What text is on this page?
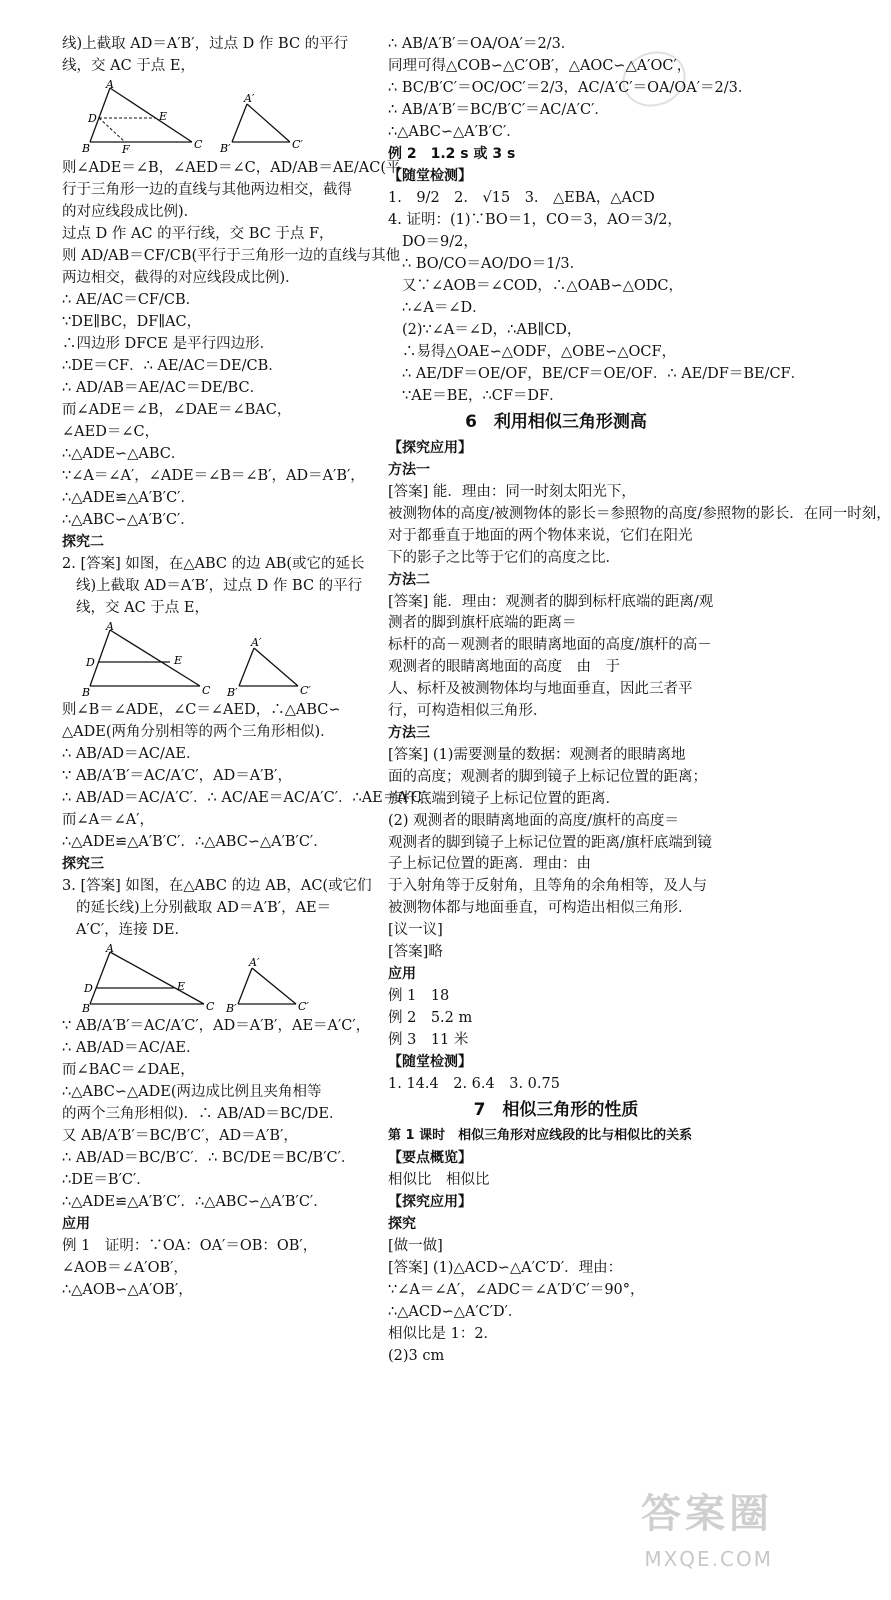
线)上截取 AD＝A′B′，过点 D 作 BC 的平行

线，交 AC 于点 E，

A
D	E
B	F	C
A′
B′	C′

则∠ADE＝∠B，∠AED＝∠C，AD/AB＝AE/AC(平

行于三角形一边的直线与其他两边相交，截得

的对应线段成比例)．

过点 D 作 AC 的平行线，交 BC 于点 F，

则 AD/AB＝CF/CB(平行于三角形一边的直线与其他

两边相交，截得的对应线段成比例)．

∴ AE/AC＝CF/CB．

∵DE∥BC，DF∥AC，

∴四边形 DFCE 是平行四边形．

∴DE＝CF．∴ AE/AC＝DE/CB．

∴ AD/AB＝AE/AC＝DE/BC．

而∠ADE＝∠B，∠DAE＝∠BAC，

∠AED＝∠C，

∴△ADE∽△ABC．

∵∠A＝∠A′，∠ADE＝∠B＝∠B′，AD＝A′B′，

∴△ADE≌△A′B′C′．

∴△ABC∽△A′B′C′．

探究二

2. [答案] 如图，在△ABC 的边 AB(或它的延长

线)上截取 AD＝A′B′，过点 D 作 BC 的平行

线，交 AC 于点 E，

A
D	E
B	C
A′
B′	C′

则∠B＝∠ADE，∠C＝∠AED，∴△ABC∽

△ADE(两角分别相等的两个三角形相似)．

∴ AB/AD＝AC/AE．

∵ AB/A′B′＝AC/A′C′，AD＝A′B′，

∴ AB/AD＝AC/A′C′．∴ AC/AE＝AC/A′C′．∴AE＝A′C′．

而∠A＝∠A′，

∴△ADE≌△A′B′C′．∴△ABC∽△A′B′C′．

探究三

3. [答案] 如图，在△ABC 的边 AB，AC(或它们

的延长线)上分别截取 AD＝A′B′，AE＝

A′C′，连接 DE．

A
D	E
B	C
A′
B′	C′

∵ AB/A′B′＝AC/A′C′，AD＝A′B′，AE＝A′C′，

∴ AB/AD＝AC/AE．

而∠BAC＝∠DAE，

∴△ABC∽△ADE(两边成比例且夹角相等

的两个三角形相似)．∴ AB/AD＝BC/DE．

又 AB/A′B′＝BC/B′C′，AD＝A′B′，

∴ AB/AD＝BC/B′C′．∴ BC/DE＝BC/B′C′．

∴DE＝B′C′．

∴△ADE≌△A′B′C′．∴△ABC∽△A′B′C′．

应用

例 1　证明：∵OA：OA′＝OB：OB′，

∠AOB＝∠A′OB′，

∴△AOB∽△A′OB′，

∴ AB/A′B′＝OA/OA′＝2/3．

同理可得△COB∽△C′OB′，△AOC∽△A′OC′，

∴ BC/B′C′＝OC/OC′＝2/3，AC/A′C′＝OA/OA′＝2/3．

∴ AB/A′B′＝BC/B′C′＝AC/A′C′．

∴△ABC∽△A′B′C′．

例 2　1.2 s 或 3 s

【随堂检测】

1.　9/2　2.　√15　3.　△EBA，△ACD

4. 证明：(1)∵BO＝1，CO＝3，AO＝3/2，

DO＝9/2，

∴ BO/CO＝AO/DO＝1/3．

又∵∠AOB＝∠COD，∴△OAB∽△ODC，

∴∠A＝∠D．

(2)∵∠A＝∠D，∴AB∥CD，

∴易得△OAE∽△ODF，△OBE∽△OCF，

∴ AE/DF＝OE/OF，BE/CF＝OE/OF．∴ AE/DF＝BE/CF．

∵AE＝BE，∴CF＝DF．

6　利用相似三角形测高

【探究应用】

方法一

[答案] 能．理由：同一时刻太阳光下，

被测物体的高度/被测物体的影长＝参照物的高度/参照物的影长．在同一时刻，

对于都垂直于地面的两个物体来说，它们在阳光

下的影子之比等于它们的高度之比．

方法二

[答案] 能．理由：观测者的脚到标杆底端的距离/观测者的脚到旗杆底端的距离＝

标杆的高－观测者的眼睛离地面的高度/旗杆的高－观测者的眼睛离地面的高度　由　于

人、标杆及被测物体均与地面垂直，因此三者平

行，可构造相似三角形．

方法三

[答案] (1)需要测量的数据：观测者的眼睛离地

面的高度；观测者的脚到镜子上标记位置的距离；

旗杆底端到镜子上标记位置的距离．

(2) 观测者的眼睛离地面的高度/旗杆的高度＝

观测者的脚到镜子上标记位置的距离/旗杆底端到镜子上标记位置的距离．理由：由

于入射角等于反射角，且等角的余角相等，及人与

被测物体都与地面垂直，可构造出相似三角形．

[议一议]

[答案]略

应用

例 1　18

例 2　5.2 m

例 3　11 米

【随堂检测】

1. 14.4　2. 6.4　3. 0.75

7　相似三角形的性质

第 1 课时　相似三角形对应线段的比与相似比的关系

【要点概览】

相似比　相似比

【探究应用】

探究

[做一做]

[答案] (1)△ACD∽△A′C′D′．理由：

∵∠A＝∠A′，∠ADC＝∠A′D′C′＝90°，

∴△ACD∽△A′C′D′．

相似比是 1：2．

(2)3 cm

答案圈
MXQE.COM
